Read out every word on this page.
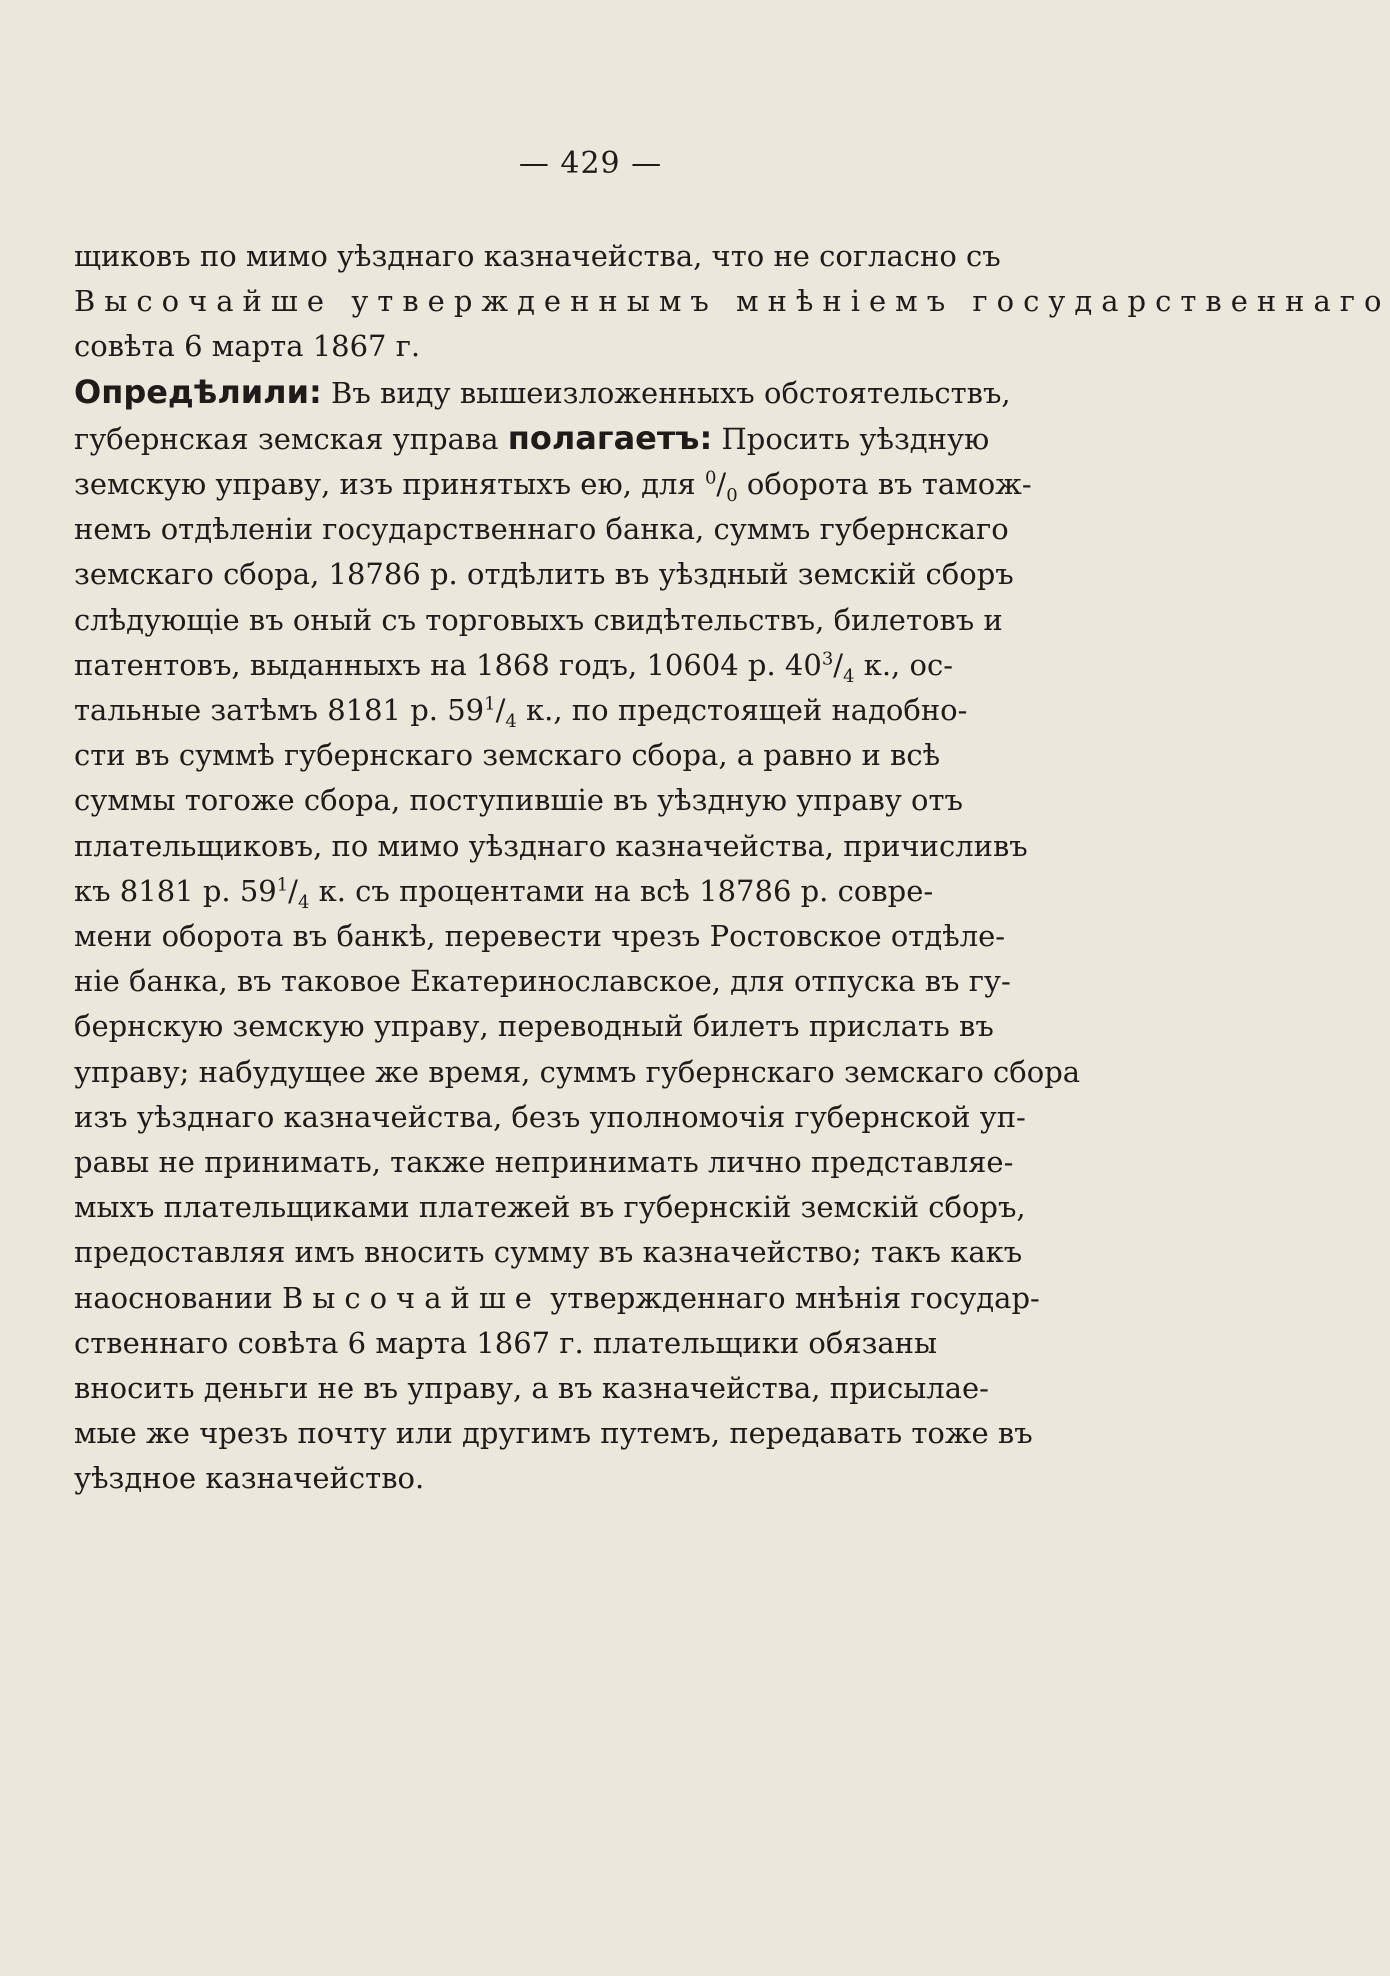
— 429 —

щиковъ по мимо уѣзднаго казначейства, что не согласно съ
Высочайше утвержденнымъ мнѣніемъ государственнаго
совѣта 6 марта 1867 г.

Опредѣлили: Въ виду вышеизложенныхъ обстоятельствъ,
губернская земская управа полагаетъ: Просить уѣздную
земскую управу, изъ принятыхъ ею, для $^0/_0$ оборота въ тамож-
немъ отдѣленіи государственнаго банка, суммъ губернскаго
земскаго сбора, 18786 р. отдѣлить въ уѣздный земскій сборъ
слѣдующіе въ оный съ торговыхъ свидѣтельствъ, билетовъ и
патентовъ, выданныхъ на 1868 годъ, 10604 р. $40^3/_4$ к., ос-
тальные затѣмъ 8181 р. $59^1/_4$ к., по предстоящей надобно-
сти въ суммѣ губернскаго земскаго сбора, а равно и всѣ
суммы тогоже сбора, поступившіе въ уѣздную управу отъ
плательщиковъ, по мимо уѣзднаго казначейства, причисливъ
къ 8181 р. $59^1/_4$ к. съ процентами на всѣ 18786 р. совре-
мени оборота въ банкѣ, перевести чрезъ Ростовское отдѣле-
ніе банка, въ таковое Екатеринославское, для отпуска въ гу-
бернскую земскую управу, переводный билетъ прислать въ
управу; набудущее же время, суммъ губернскаго земскаго сбора
изъ уѣзднаго казначейства, безъ уполномочія губернской уп-
равы не принимать, также непринимать лично представляе-
мыхъ плательщиками платежей въ губернскій земскій сборъ,
предоставляя имъ вносить сумму въ казначейство; такъ какъ
наосновании Высочайше утвержденнаго мнѣнія государ-
ственнаго совѣта 6 марта 1867 г. плательщики обязаны
вносить деньги не въ управу, а въ казначейства, присылае-
мые же чрезъ почту или другимъ путемъ, передавать тоже въ
уѣздное казначейство.
